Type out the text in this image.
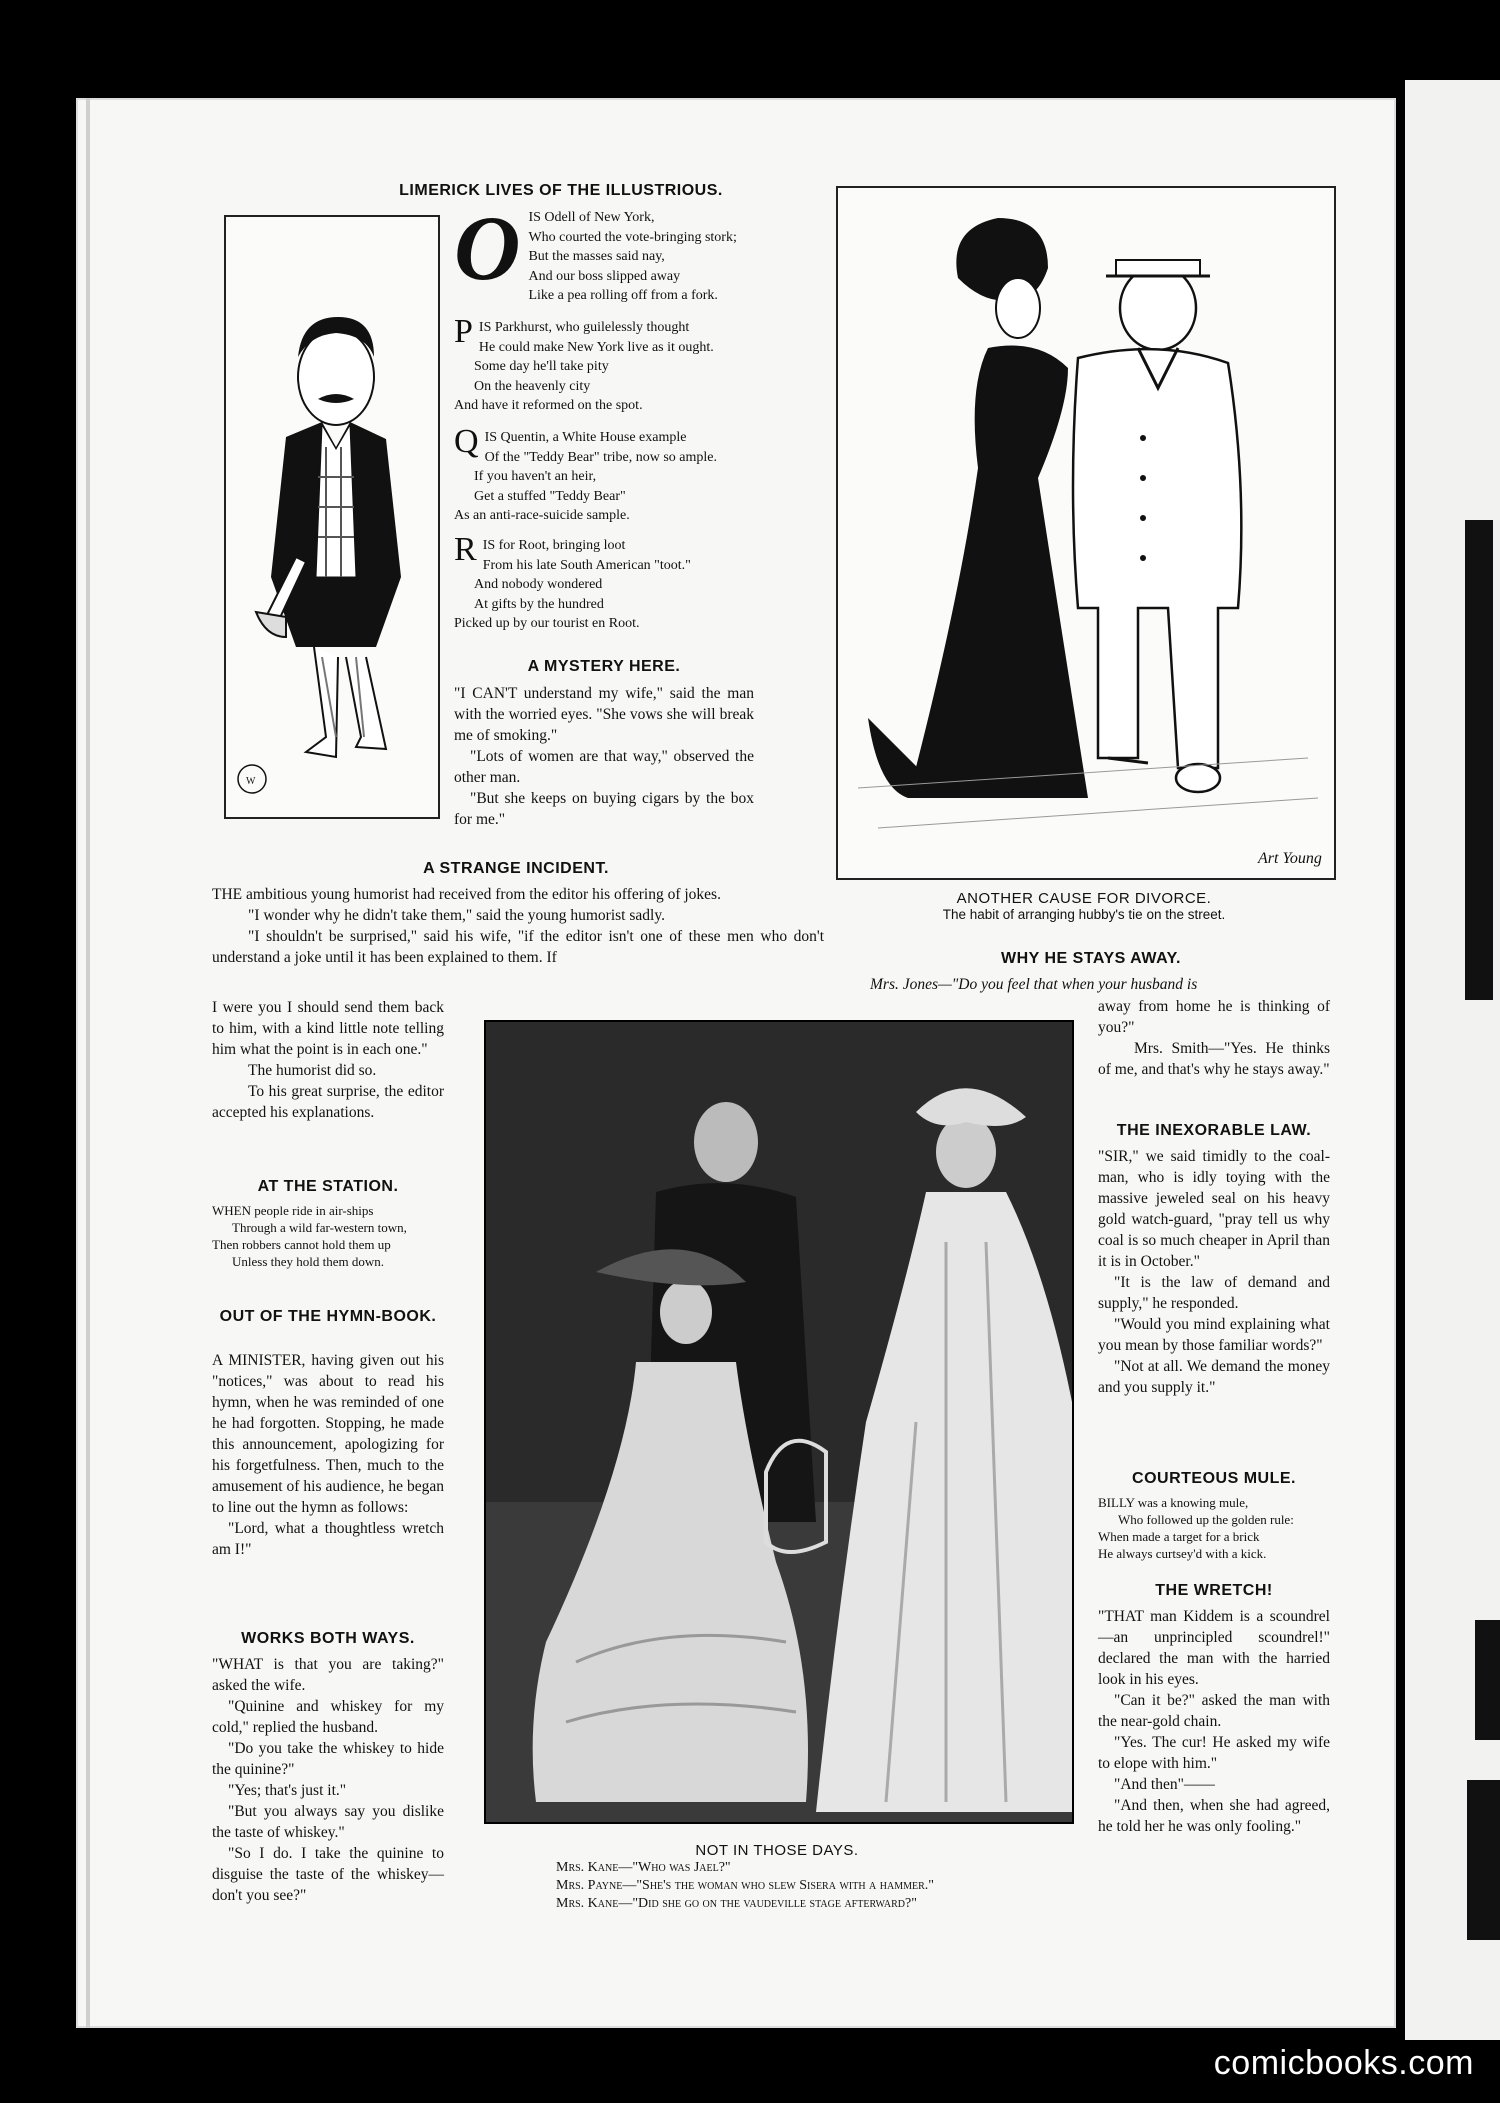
LIMERICK LIVES OF THE ILLUSTRIOUS.
W
O IS Odell of New York,
Who courted the vote-bringing stork;
But the masses said nay,
And our boss slipped away
Like a pea rolling off from a fork.
P IS Parkhurst, who guilelessly thought
He could make New York live as it ought.
Some day he'll take pity
On the heavenly city
And have it reformed on the spot.
Q IS Quentin, a White House example
Of the "Teddy Bear" tribe, now so ample.
If you haven't an heir,
Get a stuffed "Teddy Bear"
As an anti-race-suicide sample.
R IS for Root, bringing loot
From his late South American "toot."
And nobody wondered
At gifts by the hundred
Picked up by our tourist en Root.
A MYSTERY HERE.

"I CAN'T understand my wife," said the man with the worried eyes. "She vows she will break me of smoking."

"Lots of women are that way," observed the other man.

"But she keeps on buying cigars by the box for me."

Art Young
ANOTHER CAUSE FOR DIVORCE.
The habit of arranging hubby's tie on the street.
A STRANGE INCIDENT.

THE ambitious young humorist had received from the editor his offering of jokes.

"I wonder why he didn't take them," said the young humorist sadly.

"I shouldn't be surprised," said his wife, "if the editor isn't one of these men who don't understand a joke until it has been explained to them. If

I were you I should send them back to him, with a kind little note telling him what the point is in each one."

The humorist did so.

To his great surprise, the editor accepted his explanations.

AT THE STATION.
WHEN people ride in air-ships
Through a wild far-western town,
Then robbers cannot hold them up
Unless they hold them down.
OUT OF THE HYMN-BOOK.

A MINISTER, having given out his "notices," was about to read his hymn, when he was reminded of one he had forgotten. Stopping, he made this announcement, apologizing for his forgetfulness. Then, much to the amusement of his audience, he began to line out the hymn as follows:

"Lord, what a thoughtless wretch am I!"

WORKS BOTH WAYS.

"WHAT is that you are taking?" asked the wife.

"Quinine and whiskey for my cold," replied the husband.

"Do you take the whiskey to hide the quinine?"

"Yes; that's just it."

"But you always say you dislike the taste of whiskey."

"So I do. I take the quinine to disguise the taste of the whiskey—don't you see?"

NOT IN THOSE DAYS.
Mrs. Kane—"Who was Jael?"
Mrs. Payne—"She's the woman who slew Sisera with a hammer."
Mrs. Kane—"Did she go on the vaudeville stage afterward?"
WHY HE STAYS AWAY.

Mrs. Jones—"Do you feel that when your husband is

away from home he is thinking of you?"

Mrs. Smith—"Yes. He thinks of me, and that's why he stays away."

THE INEXORABLE LAW.

"SIR," we said timidly to the coal-man, who is idly toying with the massive jeweled seal on his heavy gold watch-guard, "pray tell us why coal is so much cheaper in April than it is in October."

"It is the law of demand and supply," he responded.

"Would you mind explaining what you mean by those familiar words?"

"Not at all. We demand the money and you supply it."

COURTEOUS MULE.
BILLY was a knowing mule,
Who followed up the golden rule:
When made a target for a brick
He always curtsey'd with a kick.
THE WRETCH!

"THAT man Kiddem is a scoundrel—an unprincipled scoundrel!" declared the man with the harried look in his eyes.

"Can it be?" asked the man with the near-gold chain.

"Yes. The cur! He asked my wife to elope with him."

"And then"——

"And then, when she had agreed, he told her he was only fooling."

comicbooks.com
